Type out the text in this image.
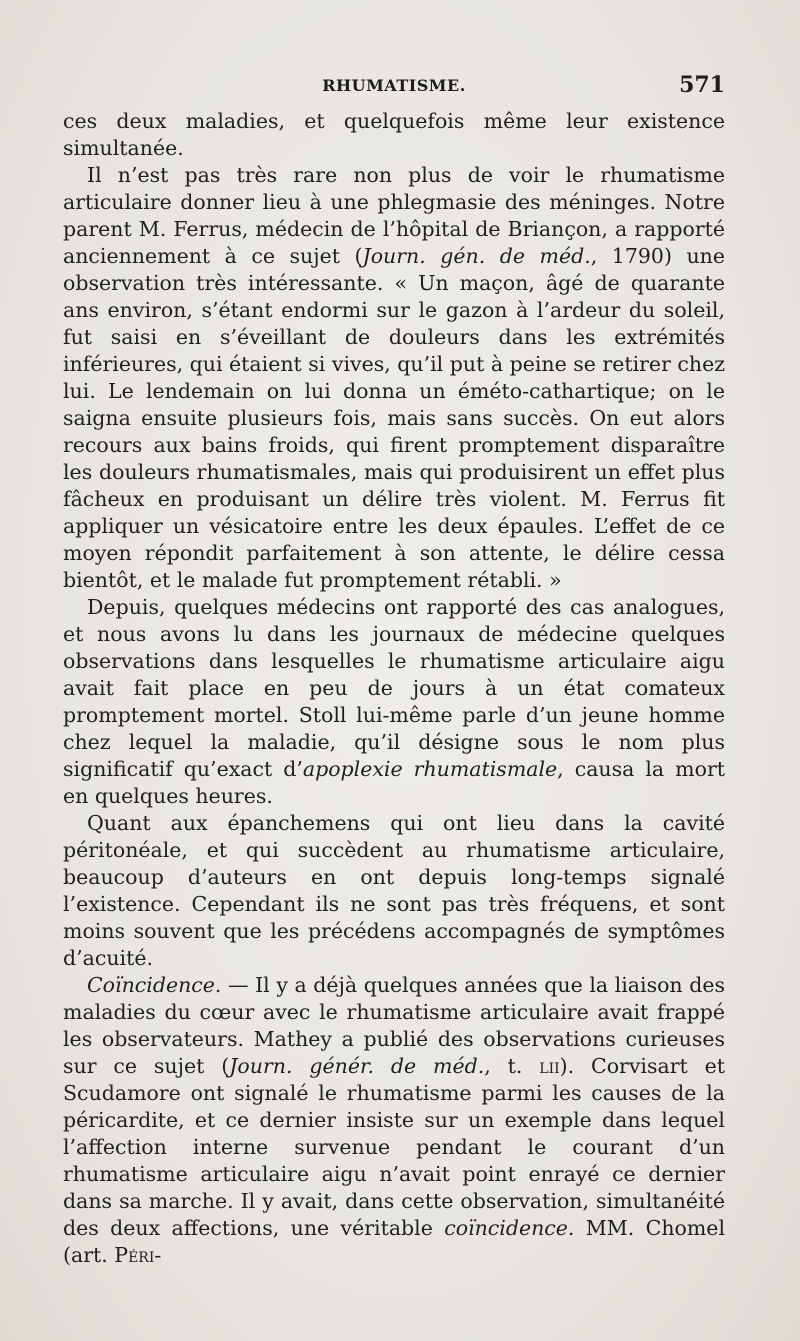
RHUMATISME.	571

ces deux maladies, et quelquefois même leur existence simultanée.

Il n’est pas très rare non plus de voir le rhumatisme articulaire donner lieu à une phlegmasie des méninges. Notre parent M. Ferrus, médecin de l’hôpital de Briançon, a rapporté anciennement à ce sujet (Journ. gén. de méd., 1790) une observation très intéressante. « Un maçon, âgé de quarante ans environ, s’étant endormi sur le gazon à l’ardeur du soleil, fut saisi en s’éveillant de douleurs dans les extrémités inférieures, qui étaient si vives, qu’il put à peine se retirer chez lui. Le lendemain on lui donna un éméto-cathartique; on le saigna ensuite plusieurs fois, mais sans succès. On eut alors recours aux bains froids, qui firent promptement disparaître les douleurs rhumatismales, mais qui produisirent un effet plus fâcheux en produisant un délire très violent. M. Ferrus fit appliquer un vésicatoire entre les deux épaules. L’effet de ce moyen répondit parfaitement à son attente, le délire cessa bientôt, et le malade fut promptement rétabli. »

Depuis, quelques médecins ont rapporté des cas analogues, et nous avons lu dans les journaux de médecine quelques observations dans lesquelles le rhumatisme articulaire aigu avait fait place en peu de jours à un état comateux promptement mortel. Stoll lui-même parle d’un jeune homme chez lequel la maladie, qu’il désigne sous le nom plus significatif qu’exact d’apoplexie rhumatismale, causa la mort en quelques heures.

Quant aux épanchemens qui ont lieu dans la cavité péritonéale, et qui succèdent au rhumatisme articulaire, beaucoup d’auteurs en ont depuis long-temps signalé l’existence. Cependant ils ne sont pas très fréquens, et sont moins souvent que les précédens accompagnés de symptômes d’acuité.

Coïncidence. — Il y a déjà quelques années que la liaison des maladies du cœur avec le rhumatisme articulaire avait frappé les observateurs. Mathey a publié des observations curieuses sur ce sujet (Journ. génér. de méd., t. lii). Corvisart et Scudamore ont signalé le rhumatisme parmi les causes de la péricardite, et ce dernier insiste sur un exemple dans lequel l’affection interne survenue pendant le courant d’un rhumatisme articulaire aigu n’avait point enrayé ce dernier dans sa marche. Il y avait, dans cette observation, simultanéité des deux affections, une véritable coïncidence. MM. Chomel (art. Péri-
